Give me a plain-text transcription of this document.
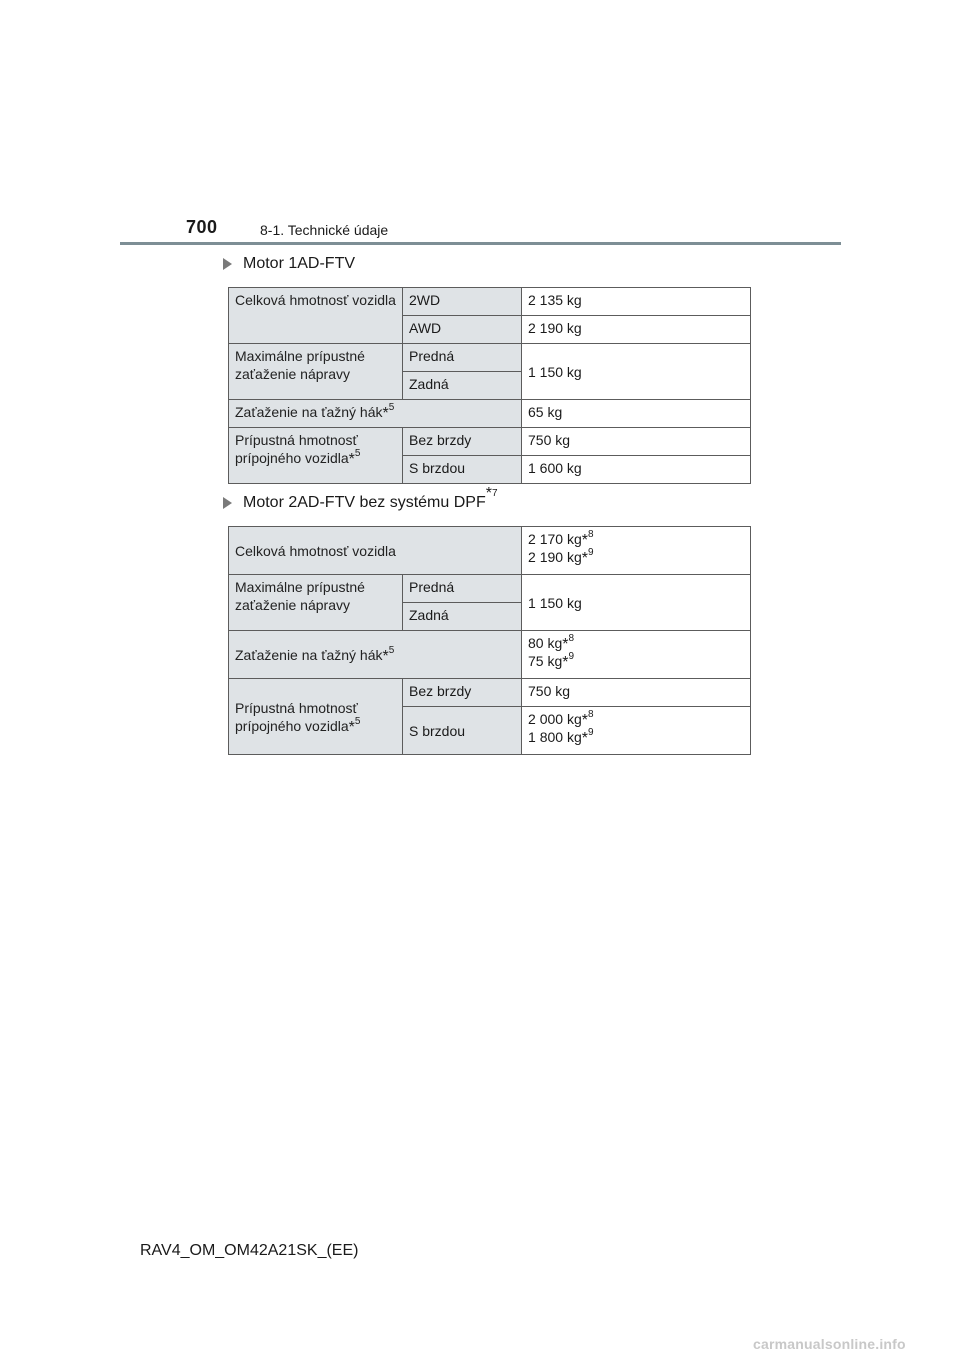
700	8-1. Technické údaje
Motor 1AD-FTV
Celková hmotnosť vozidla	2WD	2 135 kg
	AWD	2 190 kg
Maximálne prípustné zaťaženie nápravy	Predná	1 150 kg
	Zadná	
Zaťaženie na ťažný hák*$^5$		65 kg
Prípustná hmotnosť prípojného vozidla*$^5$	Bez brzdy	750 kg
	S brzdou	1 600 kg
Motor 2AD-FTV bez systému DPF
* 7
Celková hmotnosť vozidla		2 170 kg*$^8$
2 190 kg*$^9$

Maximálne prípustné zaťaženie nápravy	Predná	1 150 kg
	Zadná	
Zaťaženie na ťažný hák*$^5$		80 kg*$^8$
75 kg*$^9$

Prípustná hmotnosť prípojného vozidla*$^5$	Bez brzdy	750 kg
	S brzdou	2 000 kg*$^8$
1 800 kg*$^9$
RAV4_OM_OM42A21SK_(EE)
carmanualsonline.info
